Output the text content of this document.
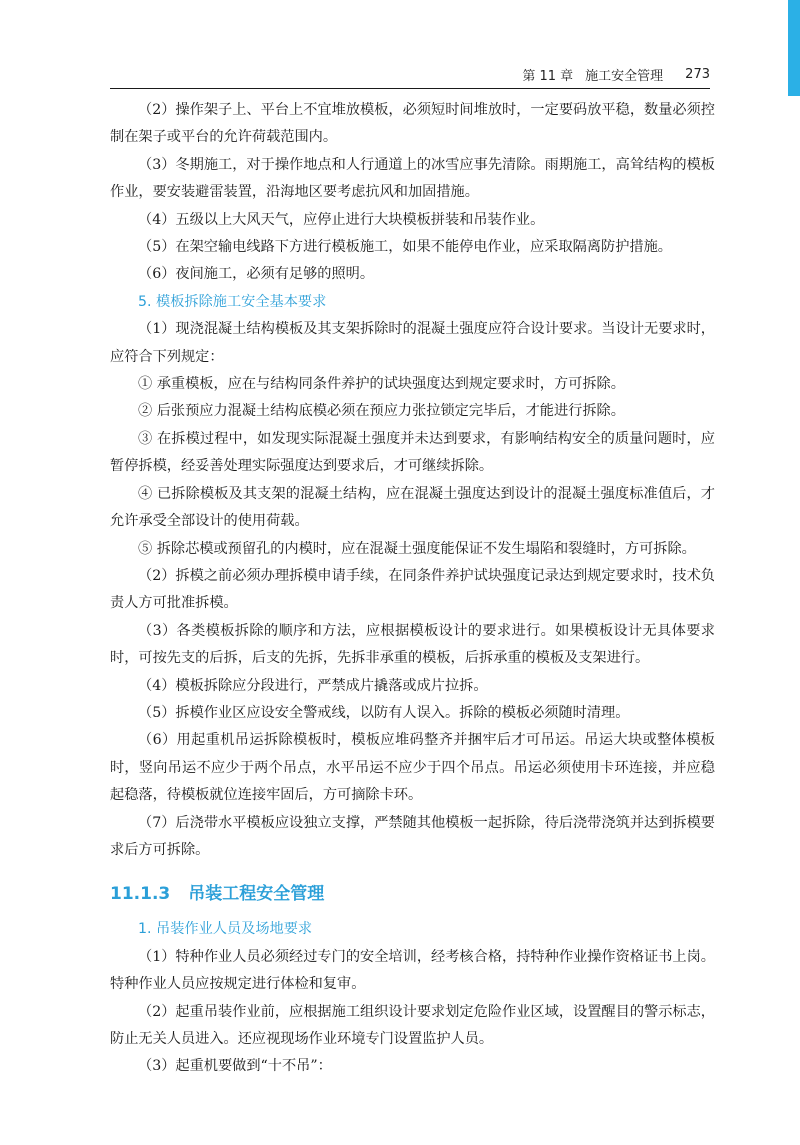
第 11 章 施工安全管理 273

（2）操作架子上、平台上不宜堆放模板，必须短时间堆放时，一定要码放平稳，数量必须控制在架子或平台的允许荷载范围内。

（3）冬期施工，对于操作地点和人行通道上的冰雪应事先清除。雨期施工，高耸结构的模板作业，要安装避雷装置，沿海地区要考虑抗风和加固措施。

（4）五级以上大风天气，应停止进行大块模板拼装和吊装作业。

（5）在架空输电线路下方进行模板施工，如果不能停电作业，应采取隔离防护措施。

（6）夜间施工，必须有足够的照明。

5. 模板拆除施工安全基本要求

（1）现浇混凝土结构模板及其支架拆除时的混凝土强度应符合设计要求。当设计无要求时，应符合下列规定：

① 承重模板，应在与结构同条件养护的试块强度达到规定要求时，方可拆除。

② 后张预应力混凝土结构底模必须在预应力张拉锁定完毕后，才能进行拆除。

③ 在拆模过程中，如发现实际混凝土强度并未达到要求，有影响结构安全的质量问题时，应暂停拆模，经妥善处理实际强度达到要求后，才可继续拆除。

④ 已拆除模板及其支架的混凝土结构，应在混凝土强度达到设计的混凝土强度标准值后，才允许承受全部设计的使用荷载。

⑤ 拆除芯模或预留孔的内模时，应在混凝土强度能保证不发生塌陷和裂缝时，方可拆除。

（2）拆模之前必须办理拆模申请手续，在同条件养护试块强度记录达到规定要求时，技术负责人方可批准拆模。

（3）各类模板拆除的顺序和方法，应根据模板设计的要求进行。如果模板设计无具体要求时，可按先支的后拆，后支的先拆，先拆非承重的模板，后拆承重的模板及支架进行。

（4）模板拆除应分段进行，严禁成片撬落或成片拉拆。

（5）拆模作业区应设安全警戒线，以防有人误入。拆除的模板必须随时清理。

（6）用起重机吊运拆除模板时，模板应堆码整齐并捆牢后才可吊运。吊运大块或整体模板时，竖向吊运不应少于两个吊点，水平吊运不应少于四个吊点。吊运必须使用卡环连接，并应稳起稳落，待模板就位连接牢固后，方可摘除卡环。

（7）后浇带水平模板应设独立支撑，严禁随其他模板一起拆除，待后浇带浇筑并达到拆模要求后方可拆除。

11.1.3 吊装工程安全管理

1. 吊装作业人员及场地要求

（1）特种作业人员必须经过专门的安全培训，经考核合格，持特种作业操作资格证书上岗。特种作业人员应按规定进行体检和复审。

（2）起重吊装作业前，应根据施工组织设计要求划定危险作业区域，设置醒目的警示标志，防止无关人员进入。还应视现场作业环境专门设置监护人员。

（3）起重机要做到“十不吊”：
